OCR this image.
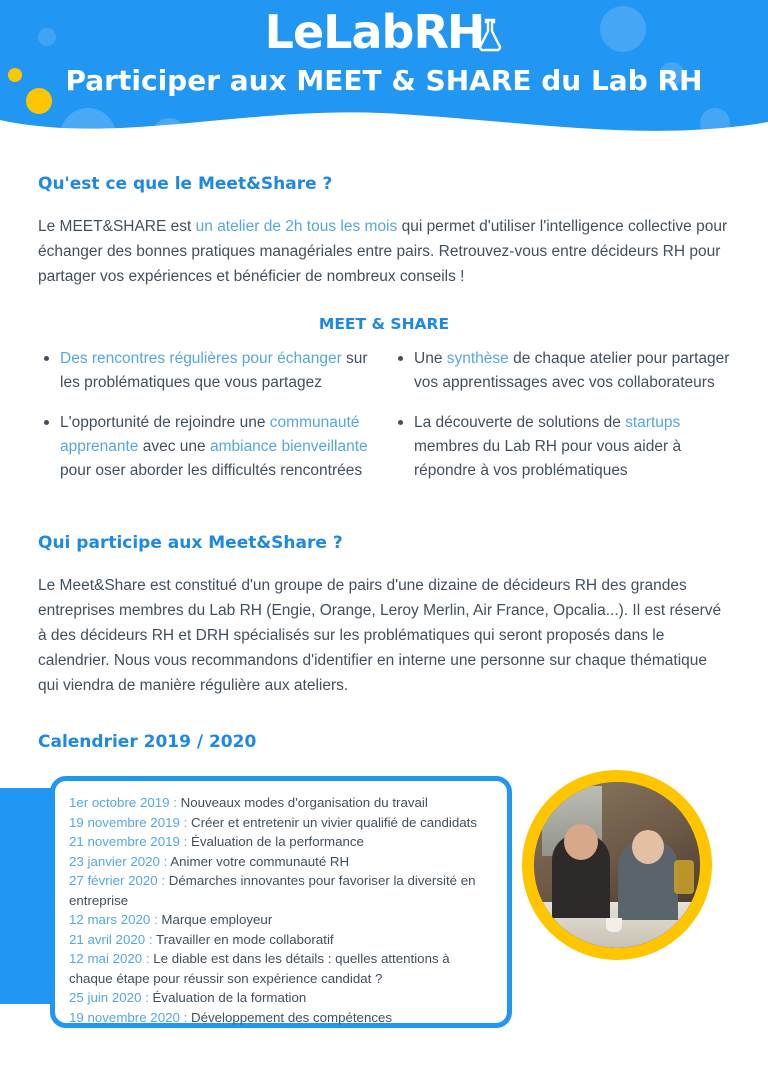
LeLabRH
Participer aux MEET & SHARE du Lab RH
Qu'est ce que le Meet&Share ?

Le MEET&SHARE est un atelier de 2h tous les mois qui permet d'utiliser l'intelligence collective pour échanger des bonnes pratiques managériales entre pairs. Retrouvez-vous entre décideurs RH pour partager vos expériences et bénéficier de nombreux conseils !

MEET & SHARE

Des rencontres régulières pour échanger sur les problématiques que vous partagez
L'opportunité de rejoindre une communauté apprenante avec une ambiance bienveillante pour oser aborder les difficultés rencontrées
Une synthèse de chaque atelier pour partager vos apprentissages avec vos collaborateurs
La découverte de solutions de startups membres du Lab RH pour vous aider à répondre à vos problématiques
Qui participe aux Meet&Share ?

Le Meet&Share est constitué d'un groupe de pairs d'une dizaine de décideurs RH des grandes entreprises membres du Lab RH (Engie, Orange, Leroy Merlin, Air France, Opcalia...). Il est réservé à des décideurs RH et DRH spécialisés sur les problématiques qui seront proposés dans le calendrier. Nous vous recommandons d'identifier en interne une personne sur chaque thématique qui viendra de manière régulière aux ateliers.

Calendrier 2019 / 2020
1er octobre 2019 : Nouveaux modes d'organisation du travail
19 novembre 2019 : Créer et entretenir un vivier qualifié de candidats
21 novembre 2019 : Évaluation de la performance
23 janvier 2020 : Animer votre communauté RH
27 février 2020 : Démarches innovantes pour favoriser la diversité en entreprise
12 mars 2020 : Marque employeur
21 avril 2020 : Travailler en mode collaboratif
12 mai 2020 : Le diable est dans les détails : quelles attentions à chaque étape pour réussir son expérience candidat ?
25 juin 2020 : Évaluation de la formation
19 novembre 2020 : Développement des compétences
